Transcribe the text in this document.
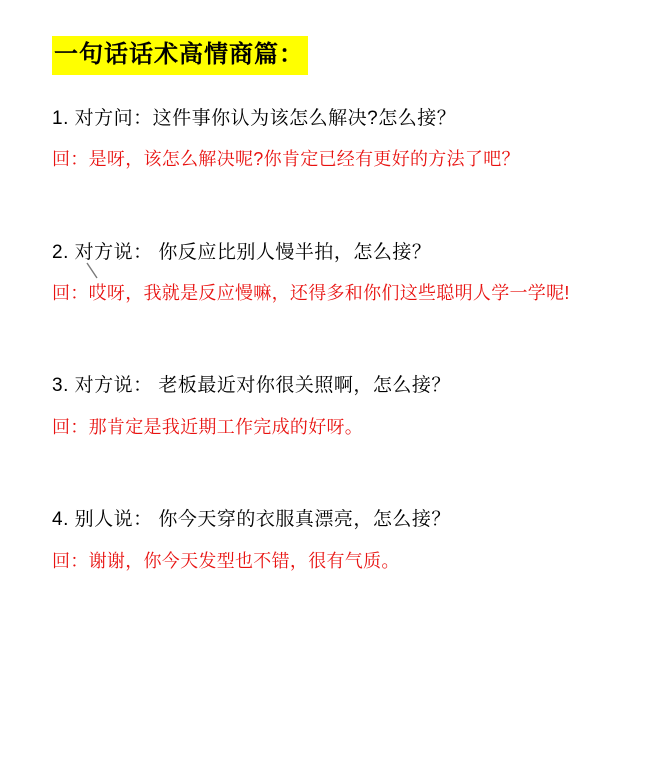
一句话话术高情商篇：
1. 对方问：这件事你认为该怎么解决?怎么接？
回：是呀，该怎么解决呢?你肯定已经有更好的方法了吧？
2. 对方说： 你反应比别人慢半拍，怎么接？
回：哎呀，我就是反应慢嘛，还得多和你们这些聪明人学一学呢!
3. 对方说： 老板最近对你很关照啊，怎么接？
回：那肯定是我近期工作完成的好呀。
4. 别人说： 你今天穿的衣服真漂亮，怎么接？
回：谢谢，你今天发型也不错，很有气质。
